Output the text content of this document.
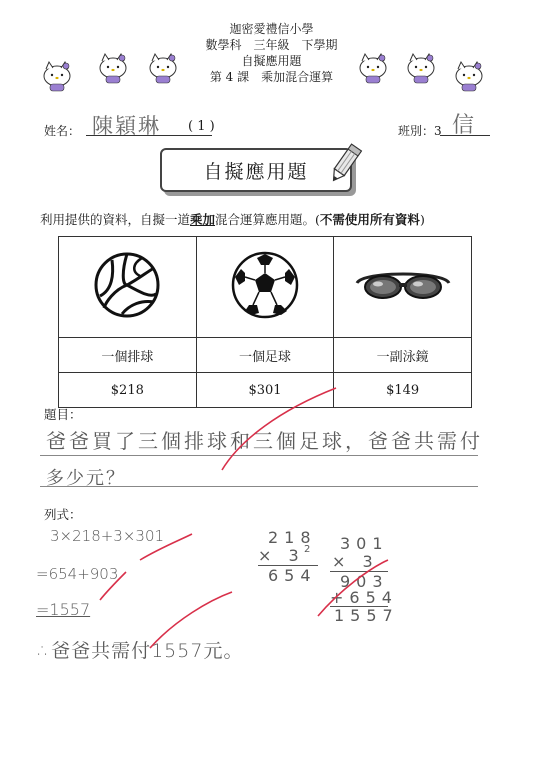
迦密愛禮信小學
數學科　三年級　下學期
自擬應用題
第 4 課　乘加混合運算
姓名： 陳穎琳 ( 1 )	班別：3 信
自擬應用題
利用提供的資料，自擬一道乘加混合運算應用題。(不需使用所有資料)

一個排球	一個足球	一副泳鏡
$218	$301	$149
題目：
爸爸買了三個排球和三個足球，爸爸共需付
多少元？
列式：
3×218+3×301
=654+903
=1557
∴爸爸共需付1557元。
218
× 3 2
654
301
× 3
903
+654
1557
